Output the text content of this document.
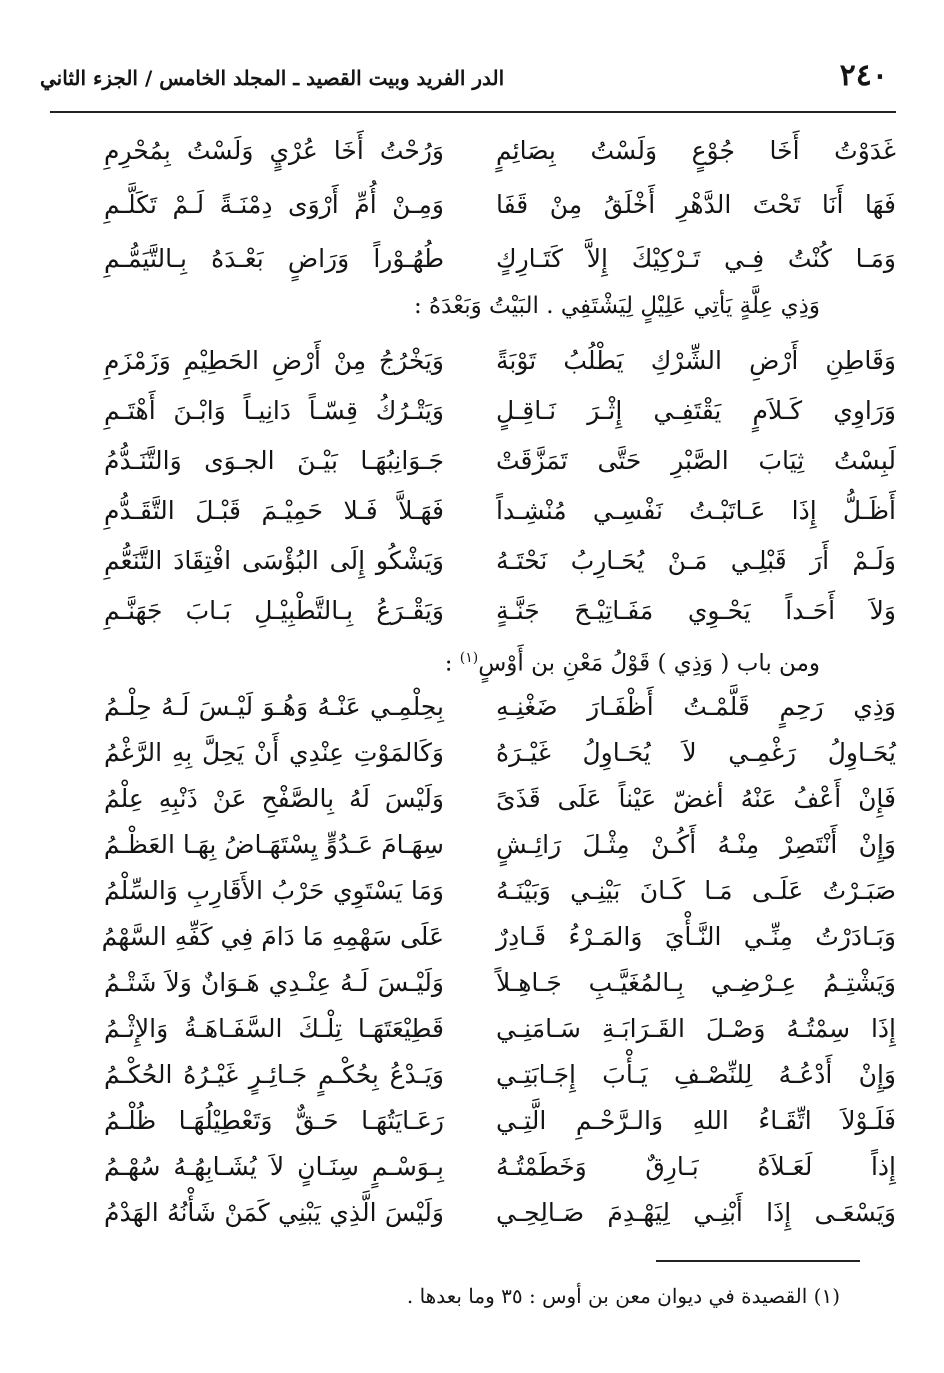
٢٤٠
الدر الفريد وبيت القصيد ـ المجلد الخامس / الجزء الثاني
غَدَوْتُ أَخَا جُوْعٍ وَلَسْتُ بِصَائِمٍ
وَرُحْتُ أَخَا عُرْيٍ وَلَسْتُ بِمُحْرِمِ
فَهَا أَنَا تَحْتَ الدَّهْرِ أَخْلَقُ مِنْ قَفَا
وَمِـنْ أُمِّ أَرْوَى دِمْنَـةً لَـمْ تَكَلَّـمِ
وَمَـا كُنْتُ فِـي تَـرْكِيْكَ إِلاَّ كَتَـارِكٍ
طُهُـوْراً وَرَاضٍ بَعْـدَهُ بِـالتَّيَمُّـمِ
وَذِي عِلَّةٍ يَأتِي عَلِيْلٍ لِيَشْتَفِي . البَيْتُ وَبَعْدَهُ :
وَقَاطِنِ أَرْضِ الشِّرْكِ يَطْلُبُ تَوْبَةً
وَيَخْرُجُ مِنْ أَرْضِ الحَطِيْمِ وَزَمْزَمِ
وَرَاوِي كَـلاَمٍ يَقْتَفِـي إِثْـرَ نَـاقِـلٍ
وَيَتْـرُكُ قِسّـاً دَانِيـاً وَابْـنَ أَهْتَـمِ
لَبِسْتُ ثِيَابَ الصَّبْرِ حَتَّى تَمَزَّقَتْ
جَـوَانِبُهَـا بَيْـنَ الجـوَى وَالتَّنَـدُّمُ
أَظَـلُّ إِذَا عَـاتَبْـتُ نَفْسِـي مُنْشِـداً
فَهَـلاَّ فَـلا حَمِيْـمَ قَبْـلَ التَّقَـدُّمِ
وَلَـمْ أَرَ قَبْلِـي مَـنْ يُحَـارِبُ نَحْتَـهُ
وَيَشْكُو إِلَى البُؤْسَى افْتِقَادَ التَّنَعُّمِ
وَلاَ أَحَـداً يَحْـوِي مَفَـاتِيْـحَ جَنَّـةٍ
وَيَقْـرَعُ بِـالتَّطْبِيْـلِ بَـابَ جَهَنَّـمِ
ومن باب ( وَذِي ) قَوْلُ مَعْنِ بن أَوْسٍ$^{(١)}$ :
وَذِي رَحِمٍ قَلَّمْـتُ أَظْفَـارَ ضَغْنِـهِ
بِحِلْمِـي عَنْـهُ وَهُـوَ لَيْـسَ لَـهُ حِلْـمُ
يُحَـاوِلُ رَغْمِـي لاَ يُحَـاوِلُ غَيْـرَهُ
وَكَالمَوْتِ عِنْدِي أَنْ يَحِلَّ بِهِ الرَّغْمُ
فَإِنْ أَعْفُ عَنْهُ أغضّ عَيْناً عَلَى قَذَىً
وَلَيْسَ لَهُ بِالصَّفْحِ عَنْ ذَنْبِهِ عِلْمُ
وَإِنْ أَنْتَصِرْ مِنْـهُ أَكُـنْ مِثْـلَ رَائِـشٍ
سِهَـامَ عَـدُوٍّ يِسْتَهَـاضُ بِهَـا العَظْـمُ
صَبَـرْتُ عَلَـى مَـا كَـانَ بَيْنِـي وَبَيْنَـهُ
وَمَا يَسْتَوِي حَرْبُ الأَقَارِبِ وَالسِّلْمُ
وَبَـادَرْتُ مِنِّـي النَّـأْيَ وَالمَـرْءُ قَـادِرٌ
عَلَى سَهْمِهِ مَا دَامَ فِي كَفِّهِ السَّهْمُ
وَيَشْتِـمُ عِـرْضِـي بِـالمُغَيَّـبِ جَـاهِـلاً
وَلَيْـسَ لَـهُ عِنْـدِي هَـوَانٌ وَلاَ شَتْـمُ
إِذَا سِمْتُـهُ وَصْـلَ القَـرَابَـةِ سَـامَنِـي
قَطِيْعَتَهَـا تِلْـكَ السَّفَـاهَـةُ وَالإِثْـمُ
وَإِنْ أَدْعُـهُ لِلنِّصْـفِ يَـأْبَ إِجَـابَتِـي
وَيَـدْعُ بِحُكْـمٍ جَـائِـرٍ غَيْـرُهُ الحُكْـمُ
فَلَـوْلاَ اتِّقَـاءُ اللهِ وَالـرَّحْـمِ الَّتِـي
رَعَـايَتُهَـا حَـقٌّ وَتَعْطِيْلُهَـا ظُلْـمُ
إِذاً لَعَـلاَهُ بَـارِقٌ وَخَطَمْتُـهُ
بِـوَسْـمٍ سِنَـانٍ لاَ يُشَـابِهُـهُ سُهْـمُ
وَيَسْعَـى إِذَا أَبْنِـي لِيَهْـدِمَ صَـالِحِـي
وَلَيْسَ الَّذِي يَبْنِي كَمَنْ شَأْنُهُ الهَدْمُ
(١) القصيدة في ديوان معن بن أوس : ٣٥ وما بعدها .
